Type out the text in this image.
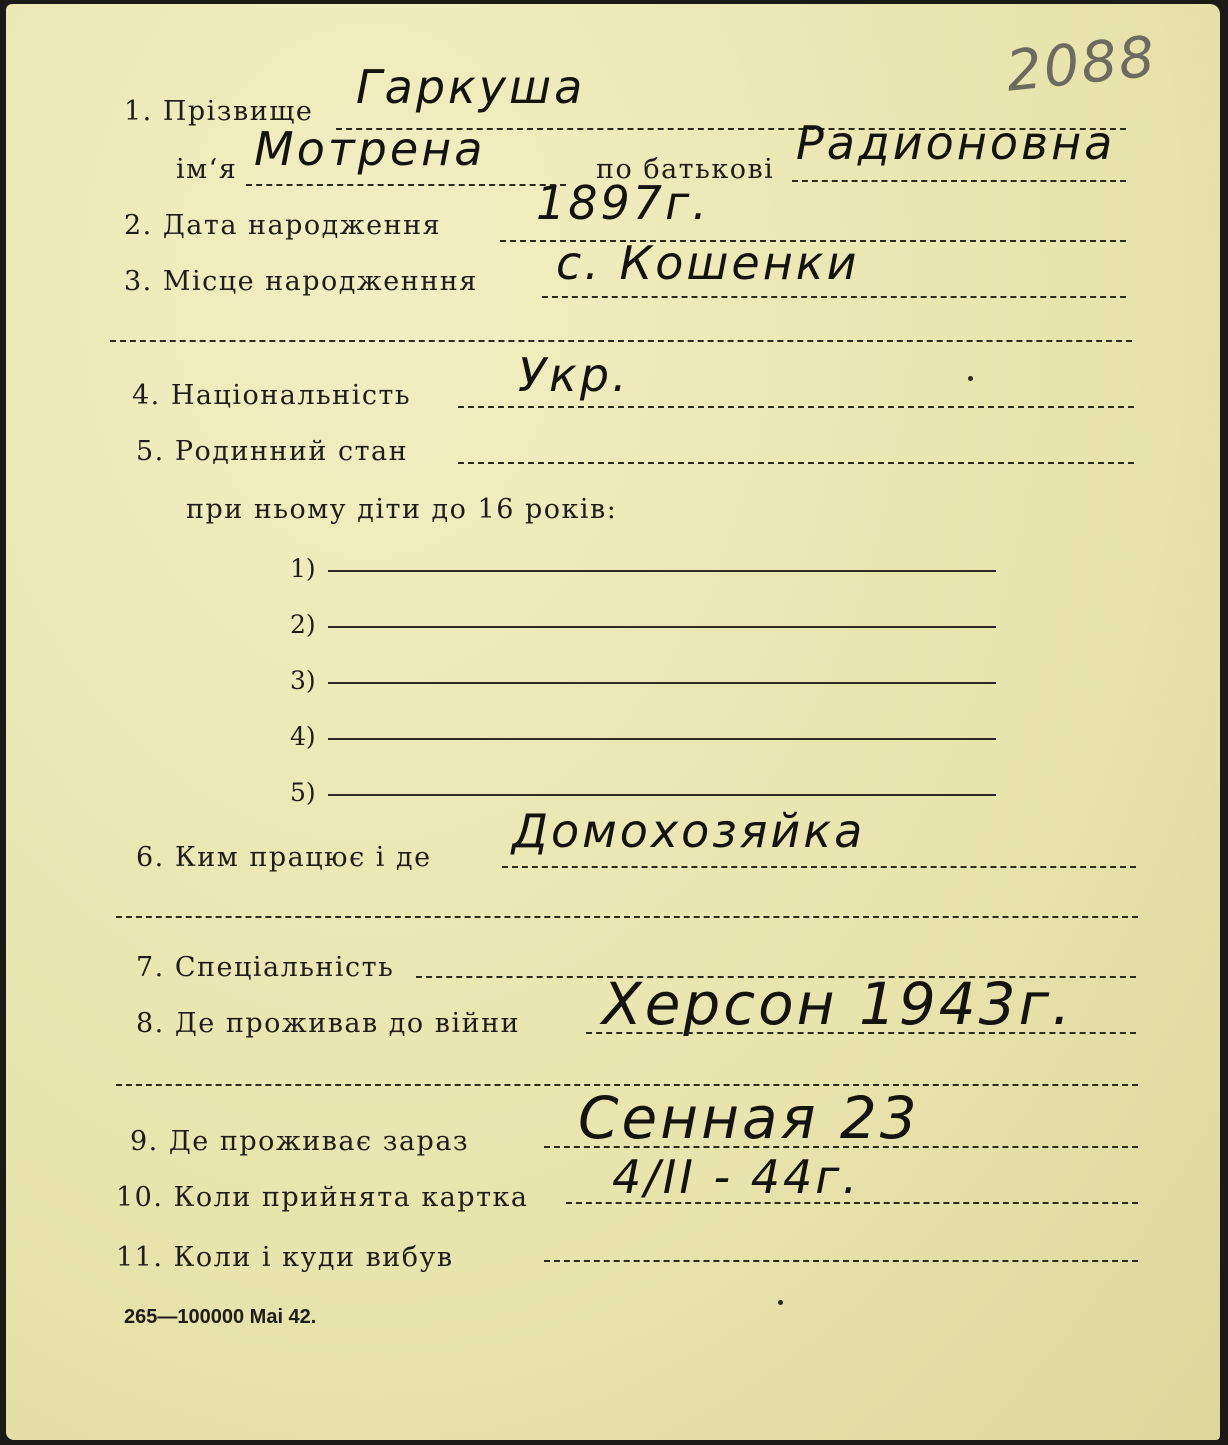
2088
1. Прізвище Гаркуша
ім‘я Мотрена	по батькові Радионовна
2. Дата народження 1897г.
3. Місце народженння с. Кошенки
4. Національність Укр.
5. Родинний стан
при ньому діти до 16 років:
1)
2)
3)
4)
5)
6. Ким працює і де Домохозяйка
7. Спеціальність
8. Де проживав до війни Херсон 1943г.
9. Де проживає зараз Сенная 23
10. Коли прийнята картка 4/II - 44г.
11. Коли і куди вибув
265—100000 Mai 42.
